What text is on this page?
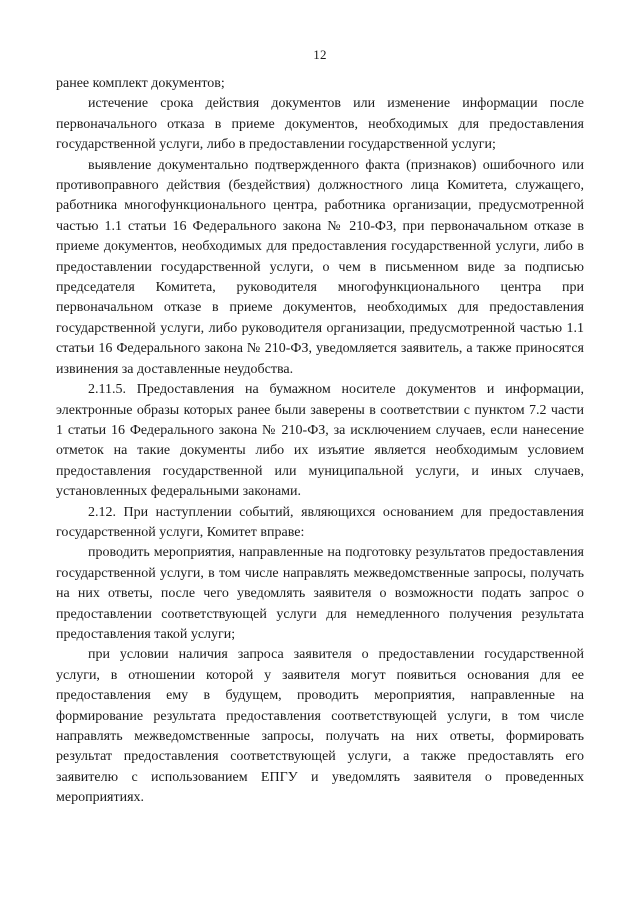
12

ранее комплект документов;

истечение срока действия документов или изменение информации после первоначального отказа в приеме документов, необходимых для предоставления государственной услуги, либо в предоставлении государственной услуги;

выявление документально подтвержденного факта (признаков) ошибочного или противоправного действия (бездействия) должностного лица Комитета, служащего, работника многофункционального центра, работника организации, предусмотренной частью 1.1 статьи 16 Федерального закона № 210-ФЗ, при первоначальном отказе в приеме документов, необходимых для предоставления государственной услуги, либо в предоставлении государственной услуги, о чем в письменном виде за подписью председателя Комитета, руководителя многофункционального центра при первоначальном отказе в приеме документов, необходимых для предоставления государственной услуги, либо руководителя организации, предусмотренной частью 1.1 статьи 16 Федерального закона № 210-ФЗ, уведомляется заявитель, а также приносятся извинения за доставленные неудобства.

2.11.5. Предоставления на бумажном носителе документов и информации, электронные образы которых ранее были заверены в соответствии с пунктом 7.2 части 1 статьи 16 Федерального закона № 210-ФЗ, за исключением случаев, если нанесение отметок на такие документы либо их изъятие является необходимым условием предоставления государственной или муниципальной услуги, и иных случаев, установленных федеральными законами.

2.12. При наступлении событий, являющихся основанием для предоставления государственной услуги, Комитет вправе:

проводить мероприятия, направленные на подготовку результатов предоставления государственной услуги, в том числе направлять межведомственные запросы, получать на них ответы, после чего уведомлять заявителя о возможности подать запрос о предоставлении соответствующей услуги для немедленного получения результата предоставления такой услуги;

при условии наличия запроса заявителя о предоставлении государственной услуги, в отношении которой у заявителя могут появиться основания для ее предоставления ему в будущем, проводить мероприятия, направленные на формирование результата предоставления соответствующей услуги, в том числе направлять межведомственные запросы, получать на них ответы, формировать результат предоставления соответствующей услуги, а также предоставлять его заявителю с использованием ЕПГУ и уведомлять заявителя о проведенных мероприятиях.
